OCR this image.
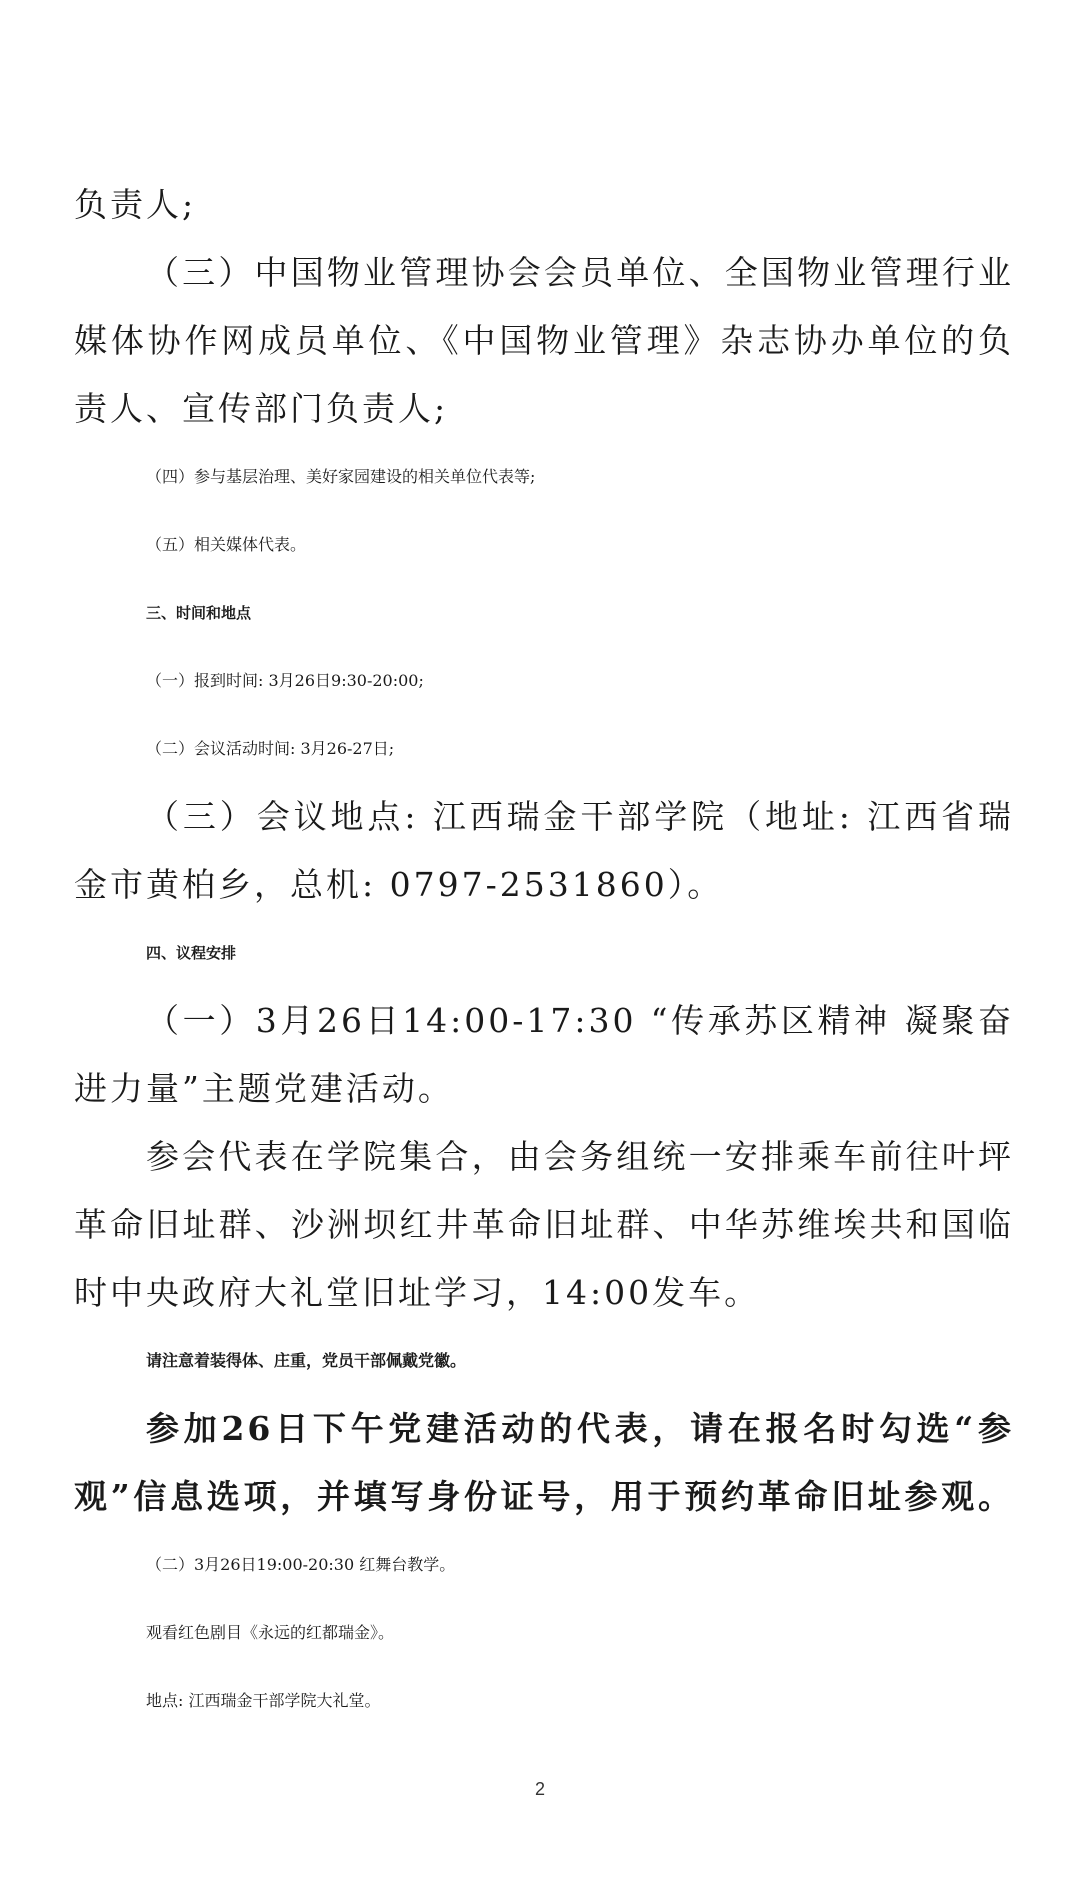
负责人;
（三）中国物业管理协会会员单位、全国物业管理行业
媒体协作网成员单位、《中国物业管理》杂志协办单位的负
责人、宣传部门负责人;
（四）参与基层治理、美好家园建设的相关单位代表等;
（五）相关媒体代表。
三、时间和地点
（一）报到时间: 3月26日9:30-20:00;
（二）会议活动时间: 3月26-27日;
（三）会议地点: 江西瑞金干部学院（地址: 江西省瑞
金市黄柏乡，总机: 0797-2531860）。
四、议程安排
（一）3月26日14:00-17:30 “传承苏区精神 凝聚奋
进力量”主题党建活动。
参会代表在学院集合，由会务组统一安排乘车前往叶坪
革命旧址群、沙洲坝红井革命旧址群、中华苏维埃共和国临
时中央政府大礼堂旧址学习，14:00发车。
请注意着装得体、庄重，党员干部佩戴党徽。
参加26日下午党建活动的代表，请在报名时勾选“参
观”信息选项，并填写身份证号，用于预约革命旧址参观。
（二）3月26日19:00-20:30 红舞台教学。
观看红色剧目《永远的红都瑞金》。
地点: 江西瑞金干部学院大礼堂。
2
